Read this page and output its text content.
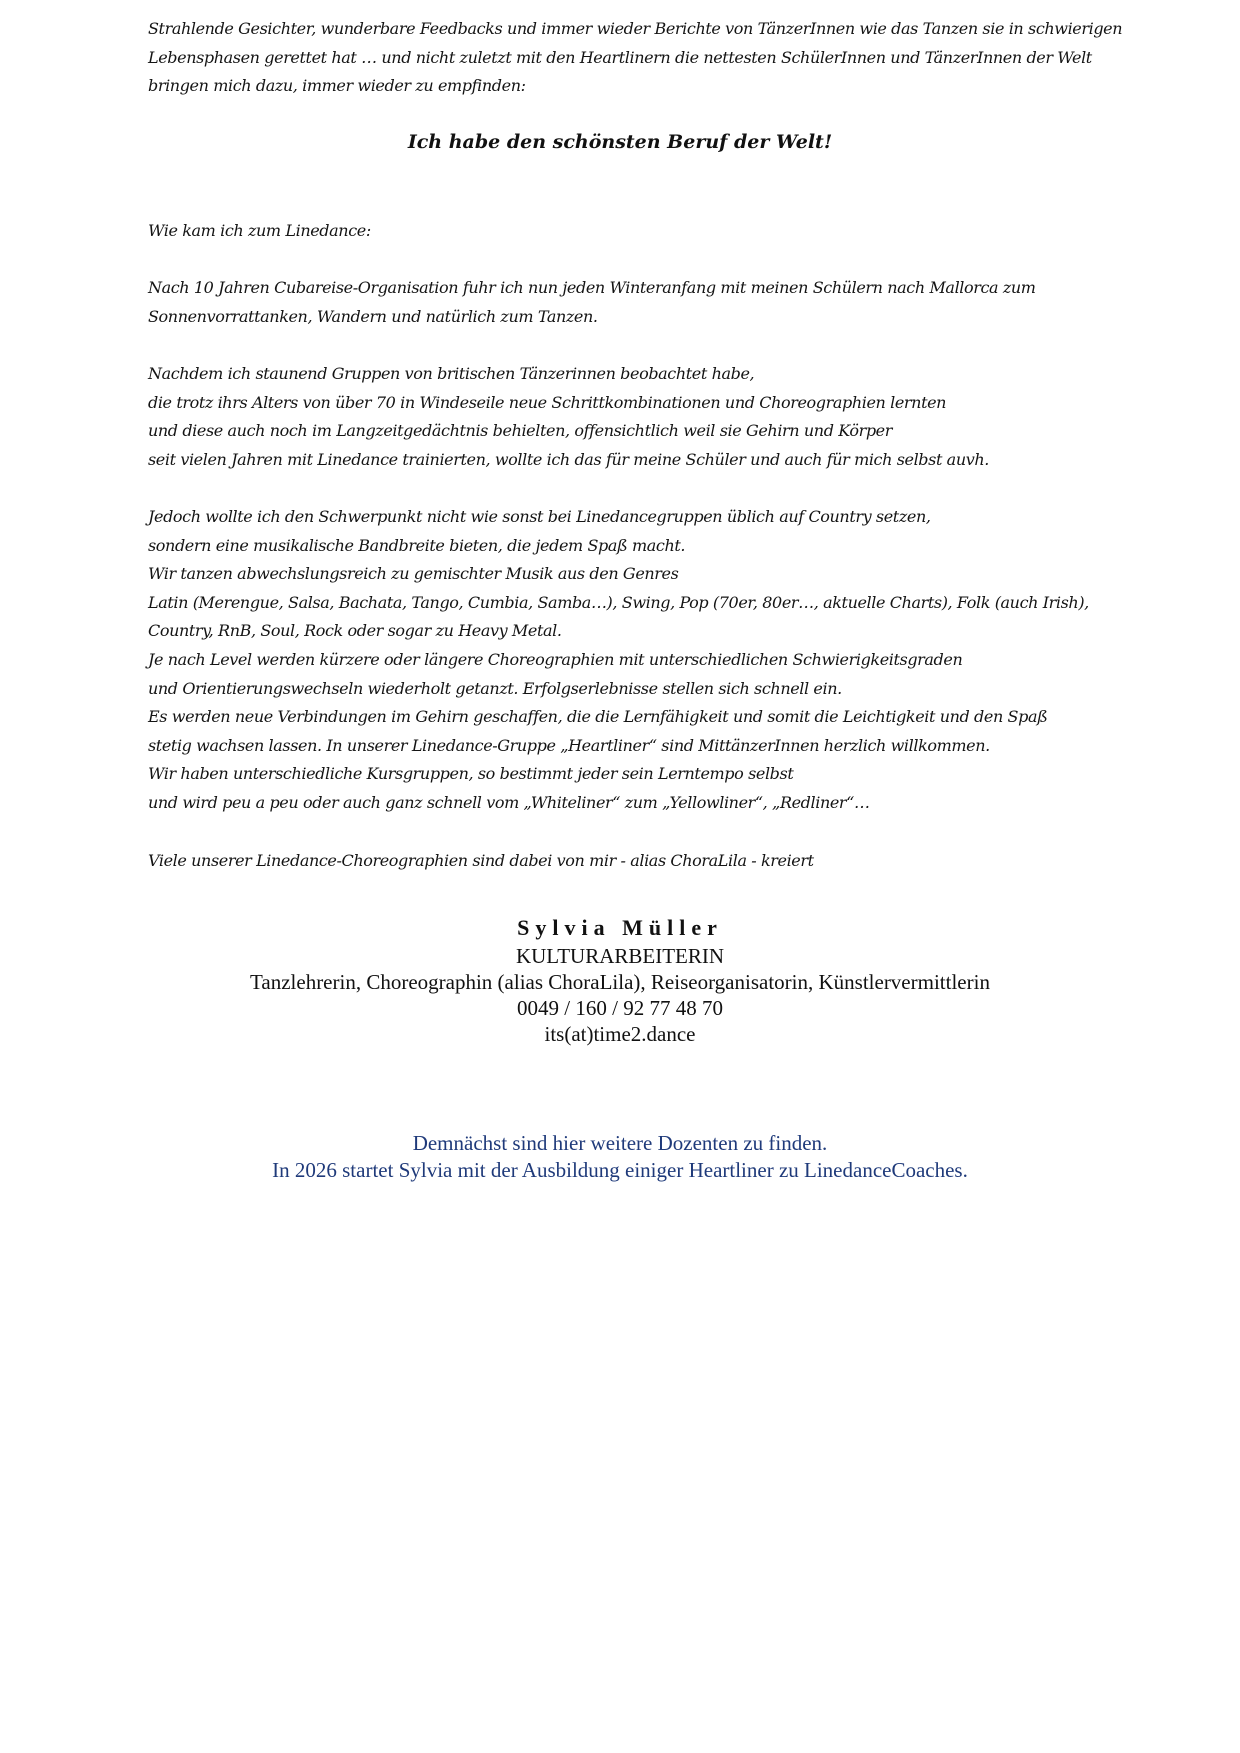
Strahlende Gesichter, wunderbare Feedbacks und immer wieder Berichte von TänzerInnen wie das Tanzen sie in schwierigen
Lebensphasen gerettet hat … und nicht zuletzt mit den Heartlinern die nettesten SchülerInnen und TänzerInnen der Welt
bringen mich dazu, immer wieder zu empfinden:
Ich habe den schönsten Beruf der Welt!
Wie kam ich zum Linedance:
Nach 10 Jahren Cubareise-Organisation fuhr ich nun jeden Winteranfang mit meinen Schülern nach Mallorca zum
Sonnenvorrattanken, Wandern und natürlich zum Tanzen.
Nachdem ich staunend Gruppen von britischen Tänzerinnen beobachtet habe,
die trotz ihrs Alters von über 70 in Windeseile neue Schrittkombinationen und Choreographien lernten
und diese auch noch im Langzeitgedächtnis behielten, offensichtlich weil sie Gehirn und Körper
seit vielen Jahren mit Linedance trainierten, wollte ich das für meine Schüler und auch für mich selbst auvh.
Jedoch wollte ich den Schwerpunkt nicht wie sonst bei Linedancegruppen üblich auf Country setzen,
sondern eine musikalische Bandbreite bieten, die jedem Spaß macht.
Wir tanzen abwechslungsreich zu gemischter Musik aus den Genres
Latin (Merengue, Salsa, Bachata, Tango, Cumbia, Samba…), Swing, Pop (70er, 80er…, aktuelle Charts), Folk (auch Irish),
Country, RnB, Soul, Rock oder sogar zu Heavy Metal.
Je nach Level werden kürzere oder längere Choreographien mit unterschiedlichen Schwierigkeitsgraden
und Orientierungswechseln wiederholt getanzt. Erfolgserlebnisse stellen sich schnell ein.
Es werden neue Verbindungen im Gehirn geschaffen, die die Lernfähigkeit und somit die Leichtigkeit und den Spaß
stetig wachsen lassen. In unserer Linedance-Gruppe „Heartliner“ sind MittänzerInnen herzlich willkommen.
Wir haben unterschiedliche Kursgruppen, so bestimmt jeder sein Lerntempo selbst
und wird peu a peu oder auch ganz schnell vom „Whiteliner“ zum „Yellowliner“, „Redliner“…
Viele unserer Linedance-Choreographien sind dabei von mir - alias ChoraLila - kreiert
Sylvia Müller
KULTURARBEITERIN
Tanzlehrerin, Choreographin (alias ChoraLila), Reiseorganisatorin, Künstlervermittlerin
0049 / 160 / 92 77 48 70
its(at)time2.dance
Demnächst sind hier weitere Dozenten zu finden.
In 2026 startet Sylvia mit der Ausbildung einiger Heartliner zu LinedanceCoaches.
